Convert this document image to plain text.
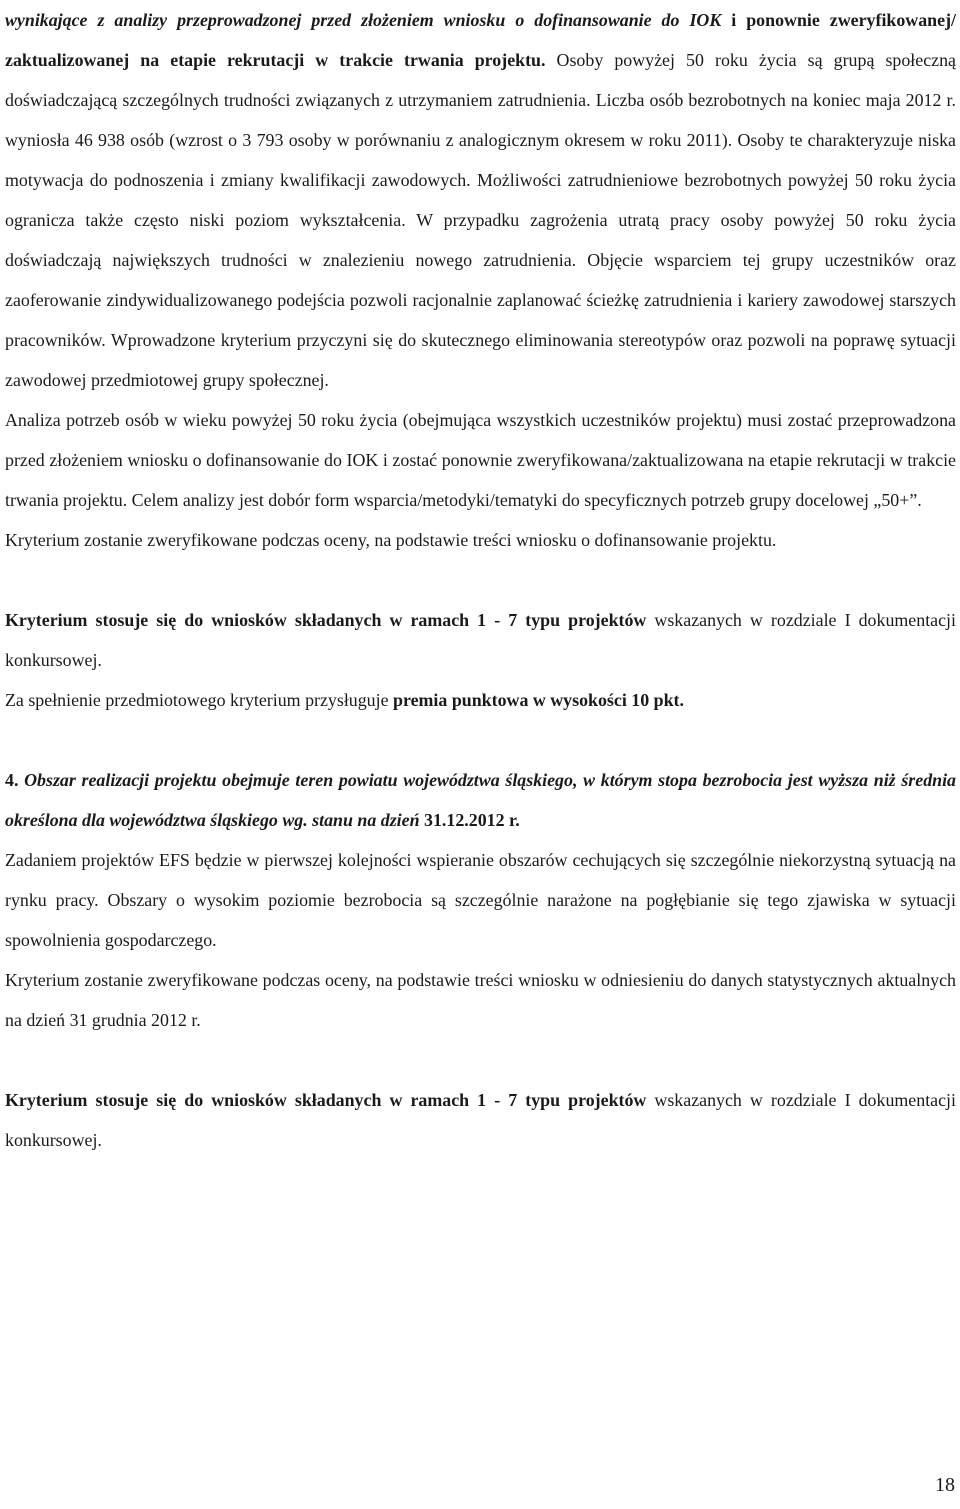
wynikające z analizy przeprowadzonej przed złożeniem wniosku o dofinansowanie do IOK i ponownie zweryfikowanej/ zaktualizowanej na etapie rekrutacji w trakcie trwania projektu. Osoby powyżej 50 roku życia są grupą społeczną doświadczającą szczególnych trudności związanych z utrzymaniem zatrudnienia. Liczba osób bezrobotnych na koniec maja 2012 r. wyniosła 46 938 osób (wzrost o 3 793 osoby w porównaniu z analogicznym okresem w roku 2011). Osoby te charakteryzuje niska motywacja do podnoszenia i zmiany kwalifikacji zawodowych. Możliwości zatrudnieniowe bezrobotnych powyżej 50 roku życia ogranicza także często niski poziom wykształcenia. W przypadku zagrożenia utratą pracy osoby powyżej 50 roku życia doświadczają największych trudności w znalezieniu nowego zatrudnienia. Objęcie wsparciem tej grupy uczestników oraz zaoferowanie zindywidualizowanego podejścia pozwoli racjonalnie zaplanować ścieżkę zatrudnienia i kariery zawodowej starszych pracowników. Wprowadzone kryterium przyczyni się do skutecznego eliminowania stereotypów oraz pozwoli na poprawę sytuacji zawodowej przedmiotowej grupy społecznej.

Analiza potrzeb osób w wieku powyżej 50 roku życia (obejmująca wszystkich uczestników projektu) musi zostać przeprowadzona przed złożeniem wniosku o dofinansowanie do IOK i zostać ponownie zweryfikowana/zaktualizowana na etapie rekrutacji w trakcie trwania projektu. Celem analizy jest dobór form wsparcia/metodyki/tematyki do specyficznych potrzeb grupy docelowej „50+”.

Kryterium zostanie zweryfikowane podczas oceny, na podstawie treści wniosku o dofinansowanie projektu.

Kryterium stosuje się do wniosków składanych w ramach 1 - 7 typu projektów wskazanych w rozdziale I dokumentacji konkursowej.

Za spełnienie przedmiotowego kryterium przysługuje premia punktowa w wysokości 10 pkt.

4. Obszar realizacji projektu obejmuje teren powiatu województwa śląskiego, w którym stopa bezrobocia jest wyższa niż średnia określona dla województwa śląskiego wg. stanu na dzień 31.12.2012 r.

Zadaniem projektów EFS będzie w pierwszej kolejności wspieranie obszarów cechujących się szczególnie niekorzystną sytuacją na rynku pracy. Obszary o wysokim poziomie bezrobocia są szczególnie narażone na pogłębianie się tego zjawiska w sytuacji spowolnienia gospodarczego.

Kryterium zostanie zweryfikowane podczas oceny, na podstawie treści wniosku w odniesieniu do danych statystycznych aktualnych na dzień 31 grudnia 2012 r.

Kryterium stosuje się do wniosków składanych w ramach 1 - 7 typu projektów wskazanych w rozdziale I dokumentacji konkursowej.

18
